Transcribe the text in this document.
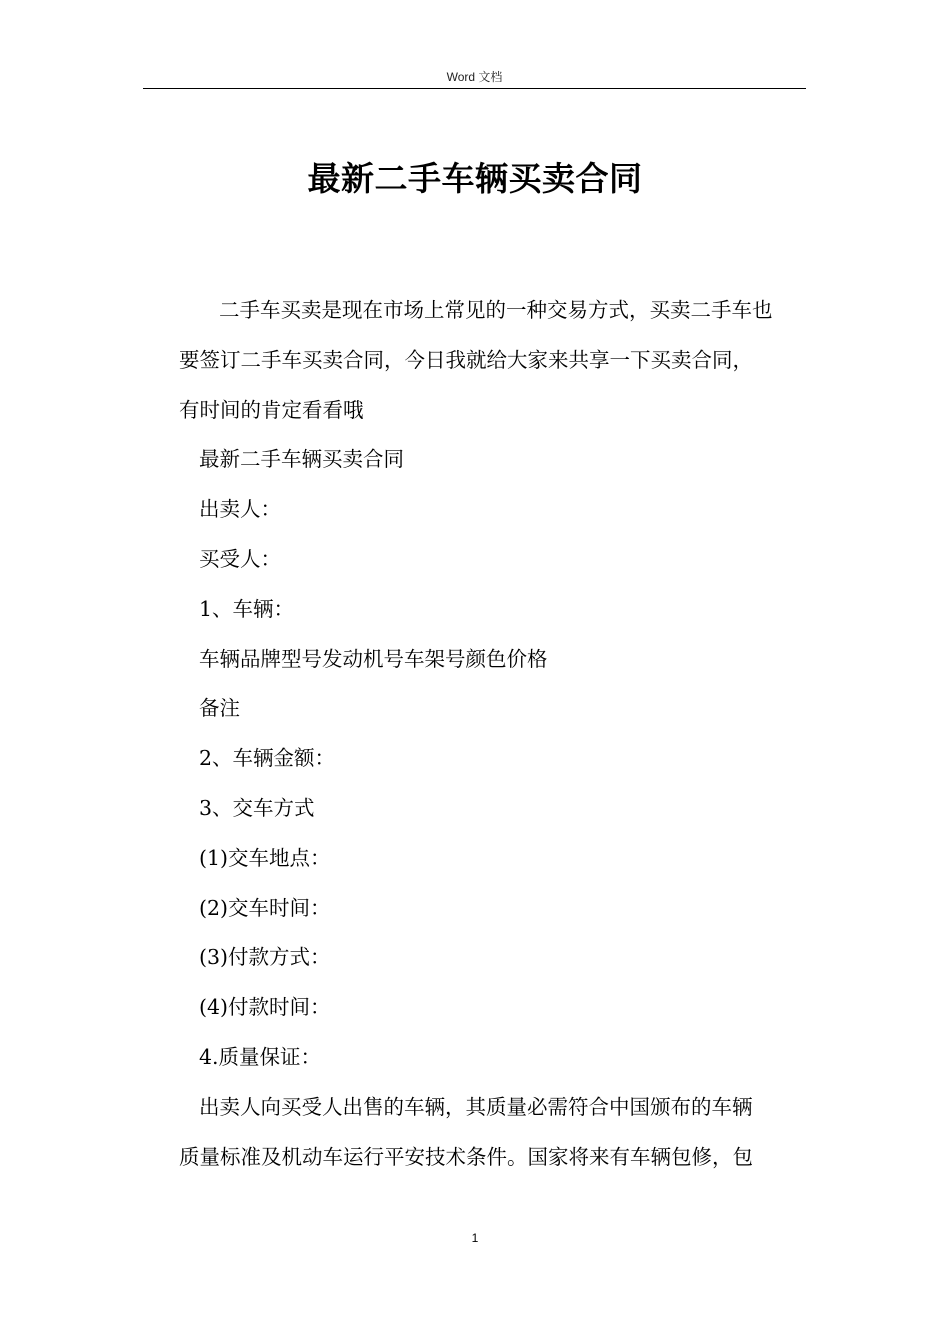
Word 文档
最新二手车辆买卖合同
二手车买卖是现在市场上常见的一种交易方式，买卖二手车也
要签订二手车买卖合同，今日我就给大家来共享一下买卖合同，
有时间的肯定看看哦
最新二手车辆买卖合同
出卖人：
买受人：
1、车辆：
车辆品牌型号发动机号车架号颜色价格
备注
2、车辆金额：
3、交车方式
(1)交车地点：
(2)交车时间：
(3)付款方式：
(4)付款时间：
4.质量保证：
出卖人向买受人出售的车辆，其质量必需符合中国颁布的车辆
质量标准及机动车运行平安技术条件。国家将来有车辆包修，包
1
